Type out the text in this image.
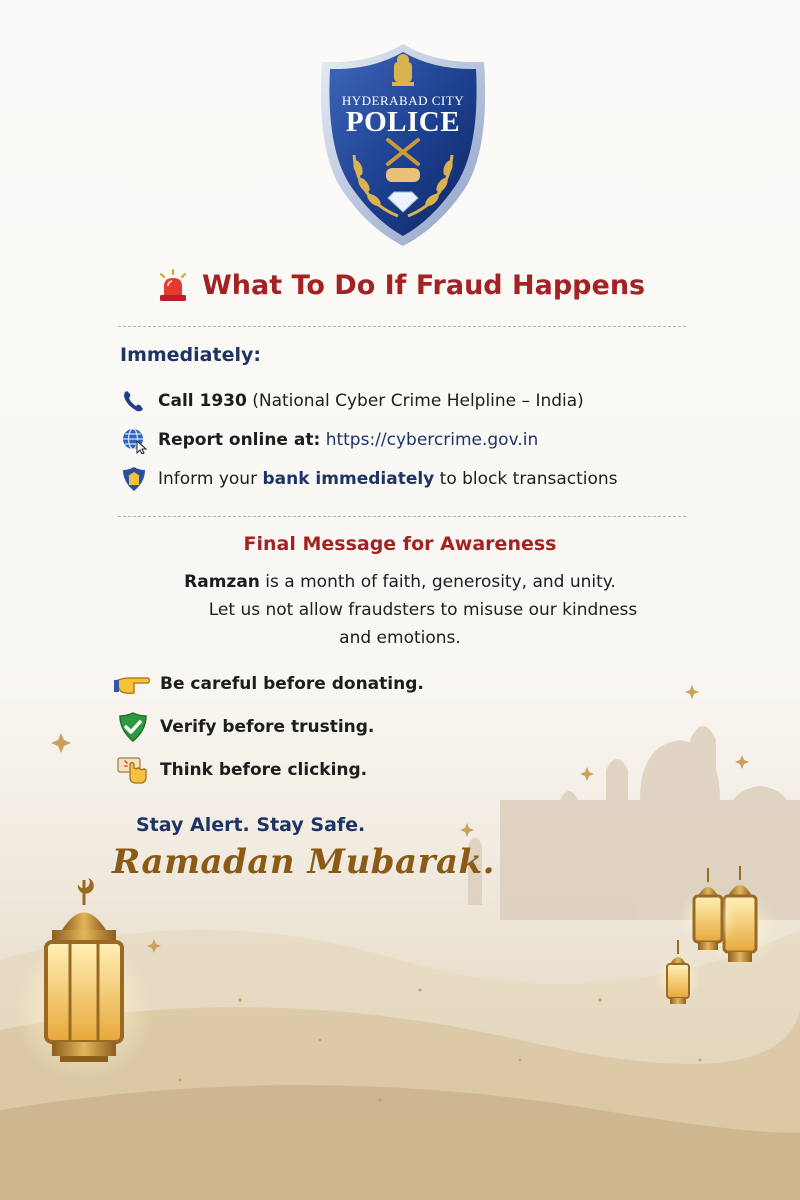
HYDERABAD CITY
POLICE
What To Do If Fraud Happens
Immediately:
Call 1930 (National Cyber Crime Helpline – India)
Report online at: https://cybercrime.gov.in
Inform your bank immediately to block transactions
Final Message for Awareness
Ramzan is a month of faith, generosity, and unity.
Let us not allow fraudsters to misuse our kindness
and emotions.
Be careful before donating.
Verify before trusting.
Think before clicking.
Stay Alert. Stay Safe.
Ramadan Mubarak.
